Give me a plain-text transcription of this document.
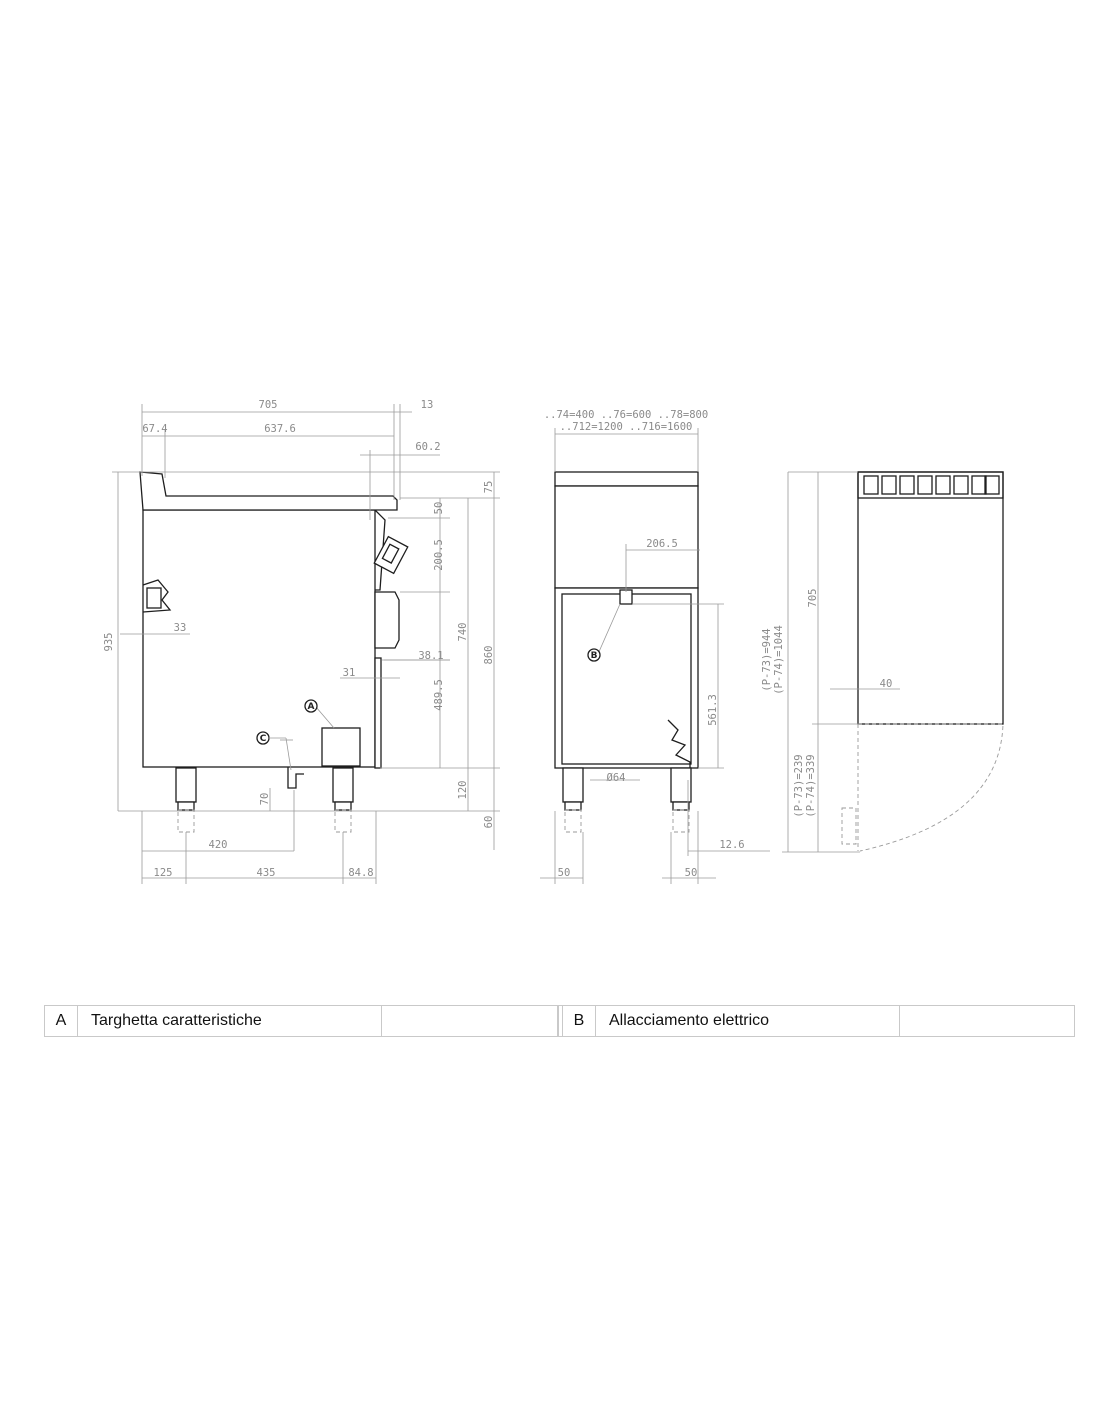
705	13
67.4	637.6
60.2
33
31
38.1
420
125	435	84.8
935
75
50
200.5
740
860
489.5
120
60
70
A
C
..74=400 ..76=600 ..78=800
..712=1200 ..716=1600
206.5
561.3
Ø64
50	50
12.6
B
705
40
(P-73)=944 (P-74)=1044
(P-73)=239 (P-74)=339
A	Targhetta caratteristiche	B	Allacciamento elettrico
